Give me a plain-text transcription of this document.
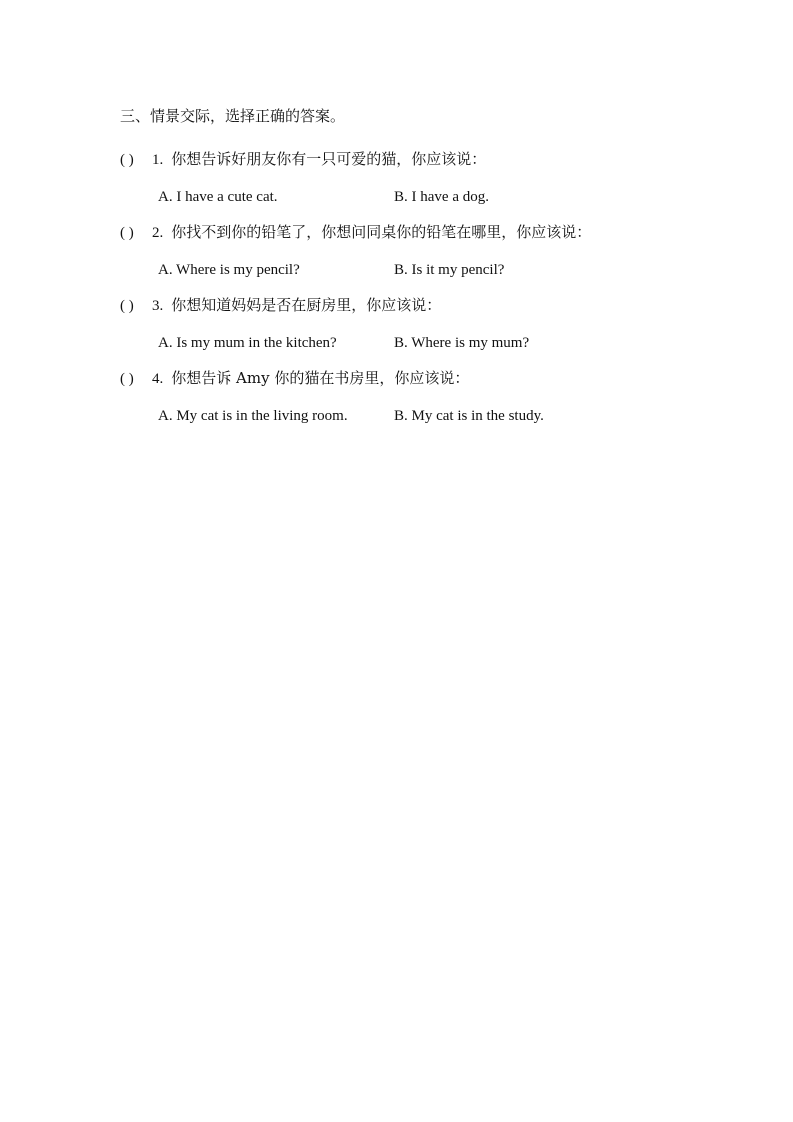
三、情景交际，选择正确的答案。
( )	1. 你想告诉好朋友你有一只可爱的猫，你应该说：
A. I have a cute cat.	B. I have a dog.
( )	2. 你找不到你的铅笔了，你想问同桌你的铅笔在哪里，你应该说：
A. Where is my pencil?	B. Is it my pencil?
( )	3. 你想知道妈妈是否在厨房里，你应该说：
A. Is my mum in the kitchen?	B. Where is my mum?
( )	4. 你想告诉 Amy 你的猫在书房里，你应该说：
A. My cat is in the living room.	B. My cat is in the study.
